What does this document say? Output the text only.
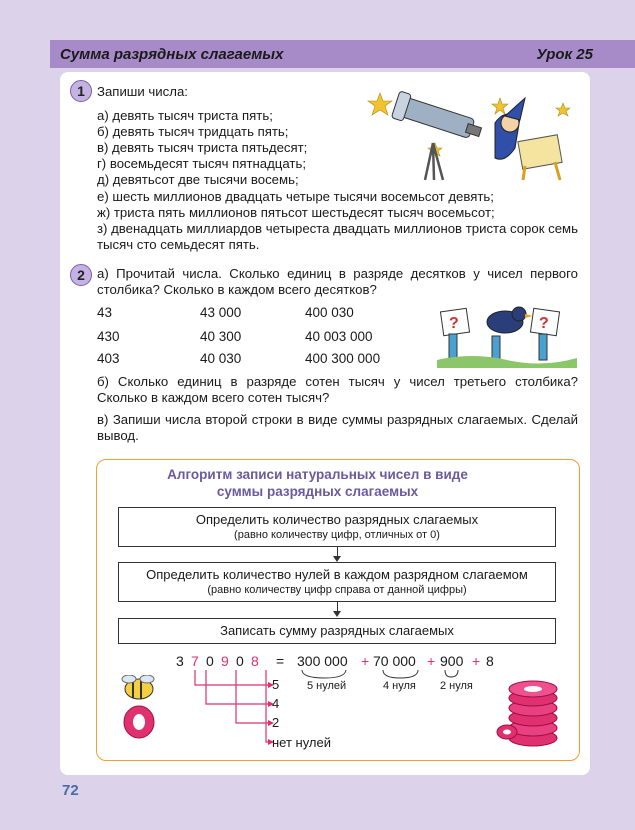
Сумма разрядных слагаемых	Урок 25
1 Запиши числа:
а) девять тысяч триста пять;
б) девять тысяч тридцать пять;
в) девять тысяч триста пятьдесят;
г) восемьдесят тысяч пятнадцать;
д) девятьсот две тысячи восемь;
е) шесть миллионов двадцать четыре тысячи восемьсот девять;
ж) триста пять миллионов пятьсот шестьдесят тысяч восемьсот;
з) двенадцать миллиардов четыреста двадцать миллионов триста сорок семь тысяч сто семьдесят пять.
2 а) Прочитай числа. Сколько единиц в разряде десятков у чисел первого столбика? Сколько в каждом всего десятков?
43	43 000	400 030
430	40 300	40 003 000
403	40 030	400 300 000
?	?
б) Сколько единиц в разряде сотен тысяч у чисел третьего столбика? Сколько в каждом всего сотен тысяч?
в) Запиши числа второй строки в виде суммы разрядных слагаемых. Сделай вывод.
Алгоритм записи натуральных чисел в виде
суммы разрядных слагаемых
Определить количество разрядных слагаемых
(равно количеству цифр, отличных от 0)
Определить количество нулей в каждом разрядном слагаемом
(равно количеству цифр справа от данной цифры)
Записать сумму разрядных слагаемых
3 7 0 9 0 8 = 300 000 + 70 000 + 900 + 8
5 нулей	4 нуля 2 нуля
5
4
2
нет нулей
72
